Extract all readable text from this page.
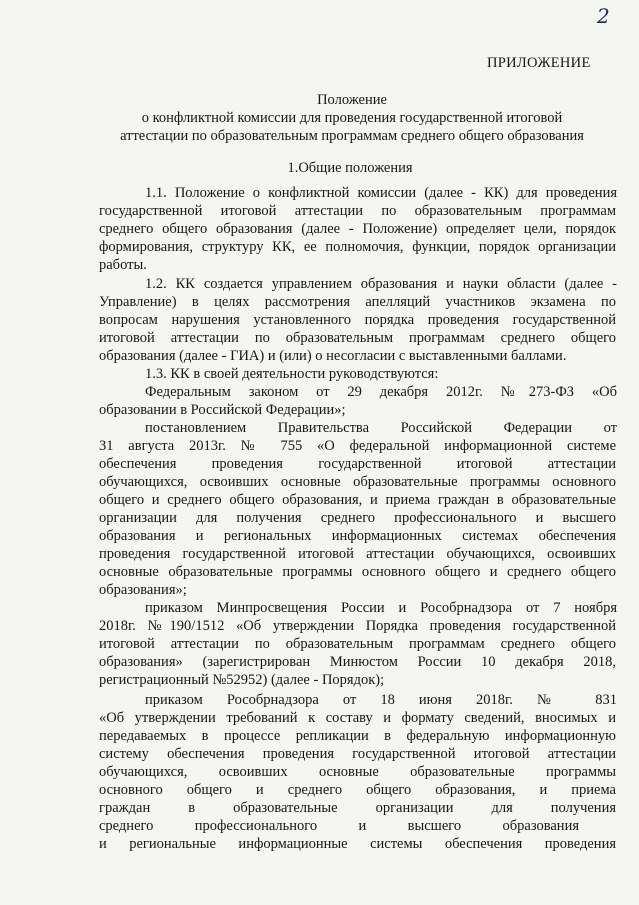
2
ПРИЛОЖЕНИЕ
Положение
о конфликтной комиссии для проведения государственной итоговой
аттестации по образовательным программам среднего общего образования
1.Общие положения
1.1. Положение о конфликтной комиссии (далее - КК) для проведения
государственной итоговой аттестации по образовательным программам
среднего общего образования (далее - Положение) определяет цели, порядок
формирования, структуру КК, ее полномочия, функции, порядок организации
работы.
1.2. КК создается управлением образования и науки области (далее -
Управление) в целях рассмотрения апелляций участников экзамена по
вопросам нарушения установленного порядка проведения государственной
итоговой аттестации по образовательным программам среднего общего
образования (далее - ГИА) и (или) о несогласии с выставленными баллами.
1.3. КК в своей деятельности руководствуются:
Федеральным законом от 29 декабря 2012г. №273-ФЗ «Об
образовании в Российской Федерации»;
постановлением Правительства Российской Федерации от
31 августа 2013г. № 755 «О федеральной информационной системе
обеспечения проведения государственной итоговой аттестации
обучающихся, освоивших основные образовательные программы основного
общего и среднего общего образования, и приема граждан в образовательные
организации для получения среднего профессионального и высшего
образования и региональных информационных системах обеспечения
проведения государственной итоговой аттестации обучающихся, освоивших
основные образовательные программы основного общего и среднего общего
образования»;
приказом Минпросвещения России и Рособрнадзора от 7 ноября
2018г. №190/1512 «Об утверждении Порядка проведения государственной
итоговой аттестации по образовательным программам среднего общего
образования» (зарегистрирован Минюстом России 10 декабря 2018,
регистрационный №52952) (далее - Порядок);
приказом Рособрнадзора от 18 июня 2018г. № 831
«Об утверждении требований к составу и формату сведений, вносимых и
передаваемых в процессе репликации в федеральную информационную
систему обеспечения проведения государственной итоговой аттестации
обучающихся, освоивших основные образовательные программы
основного общего и среднего общего образования, и приема
граждан в образовательные организации для получения
среднего профессионального и высшего образования
и региональные информационные системы обеспечения проведения
